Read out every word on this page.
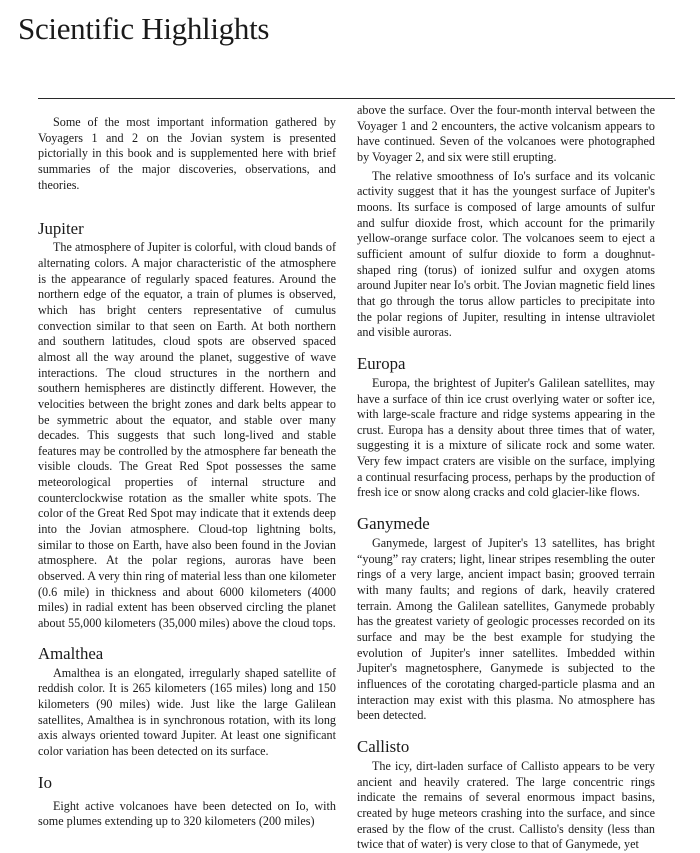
Scientific Highlights

Some of the most important information gathered by Voyagers 1 and 2 on the Jovian system is presented pictorially in this book and is supplemented here with brief summaries of the major discoveries, observations, and theories.

Jupiter

The atmosphere of Jupiter is colorful, with cloud bands of alternating colors. A major characteristic of the atmosphere is the appearance of regularly spaced features. Around the northern edge of the equator, a train of plumes is observed, which has bright centers representative of cumulus convection similar to that seen on Earth. At both northern and southern latitudes, cloud spots are observed spaced almost all the way around the planet, suggestive of wave interactions. The cloud structures in the northern and southern hemispheres are distinctly different. However, the velocities between the bright zones and dark belts appear to be symmetric about the equator, and stable over many decades. This suggests that such long-lived and stable features may be controlled by the atmosphere far beneath the visible clouds. The Great Red Spot possesses the same meteorological properties of internal structure and counterclockwise rotation as the smaller white spots. The color of the Great Red Spot may indicate that it extends deep into the Jovian atmosphere. Cloud-top lightning bolts, similar to those on Earth, have also been found in the Jovian atmosphere. At the polar regions, auroras have been observed. A very thin ring of material less than one kilometer (0.6 mile) in thickness and about 6000 kilometers (4000 miles) in radial extent has been observed circling the planet about 55,000 kilometers (35,000 miles) above the cloud tops.

Amalthea

Amalthea is an elongated, irregularly shaped satellite of reddish color. It is 265 kilometers (165 miles) long and 150 kilometers (90 miles) wide. Just like the large Galilean satellites, Amalthea is in synchronous rotation, with its long axis always oriented toward Jupiter. At least one significant color variation has been detected on its surface.

Io

Eight active volcanoes have been detected on Io, with some plumes extending up to 320 kilometers (200 miles)

above the surface. Over the four-month interval between the Voyager 1 and 2 encounters, the active volcanism appears to have continued. Seven of the volcanoes were photographed by Voyager 2, and six were still erupting.

The relative smoothness of Io's surface and its volcanic activity suggest that it has the youngest surface of Jupiter's moons. Its surface is composed of large amounts of sulfur and sulfur dioxide frost, which account for the primarily yellow-orange surface color. The volcanoes seem to eject a sufficient amount of sulfur dioxide to form a doughnut-shaped ring (torus) of ionized sulfur and oxygen atoms around Jupiter near Io's orbit. The Jovian magnetic field lines that go through the torus allow particles to precipitate into the polar regions of Jupiter, resulting in intense ultraviolet and visible auroras.

Europa

Europa, the brightest of Jupiter's Galilean satellites, may have a surface of thin ice crust overlying water or softer ice, with large-scale fracture and ridge systems appearing in the crust. Europa has a density about three times that of water, suggesting it is a mixture of silicate rock and some water. Very few impact craters are visible on the surface, implying a continual resurfacing process, perhaps by the production of fresh ice or snow along cracks and cold glacier-like flows.

Ganymede

Ganymede, largest of Jupiter's 13 satellites, has bright “young” ray craters; light, linear stripes resembling the outer rings of a very large, ancient impact basin; grooved terrain with many faults; and regions of dark, heavily cratered terrain. Among the Galilean satellites, Ganymede probably has the greatest variety of geologic processes recorded on its surface and may be the best example for studying the evolution of Jupiter's inner satellites. Imbedded within Jupiter's magnetosphere, Ganymede is subjected to the influences of the corotating charged-particle plasma and an interaction may exist with this plasma. No atmosphere has been detected.

Callisto

The icy, dirt-laden surface of Callisto appears to be very ancient and heavily cratered. The large concentric rings indicate the remains of several enormous impact basins, created by huge meteors crashing into the surface, and since erased by the flow of the crust. Callisto's density (less than twice that of water) is very close to that of Ganymede, yet
